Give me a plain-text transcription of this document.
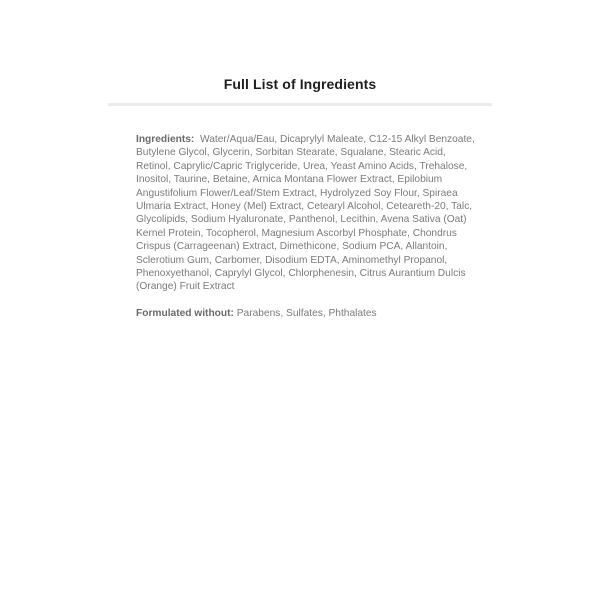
Full List of Ingredients

Ingredients: Water/Aqua/Eau, Dicaprylyl Maleate, C12-15 Alkyl Benzoate, Butylene Glycol, Glycerin, Sorbitan Stearate, Squalane, Stearic Acid, Retinol, Caprylic/Capric Triglyceride, Urea, Yeast Amino Acids, Trehalose, Inositol, Taurine, Betaine, Arnica Montana Flower Extract, Epilobium Angustifolium Flower/Leaf/Stem Extract, Hydrolyzed Soy Flour, Spiraea Ulmaria Extract, Honey (Mel) Extract, Cetearyl Alcohol, Ceteareth-20, Talc, Glycolipids, Sodium Hyaluronate, Panthenol, Lecithin, Avena Sativa (Oat) Kernel Protein, Tocopherol, Magnesium Ascorbyl Phosphate, Chondrus Crispus (Carrageenan) Extract, Dimethicone, Sodium PCA, Allantoin, Sclerotium Gum, Carbomer, Disodium EDTA, Aminomethyl Propanol, Phenoxyethanol, Caprylyl Glycol, Chlorphenesin, Citrus Aurantium Dulcis (Orange) Fruit Extract

Formulated without: Parabens, Sulfates, Phthalates
